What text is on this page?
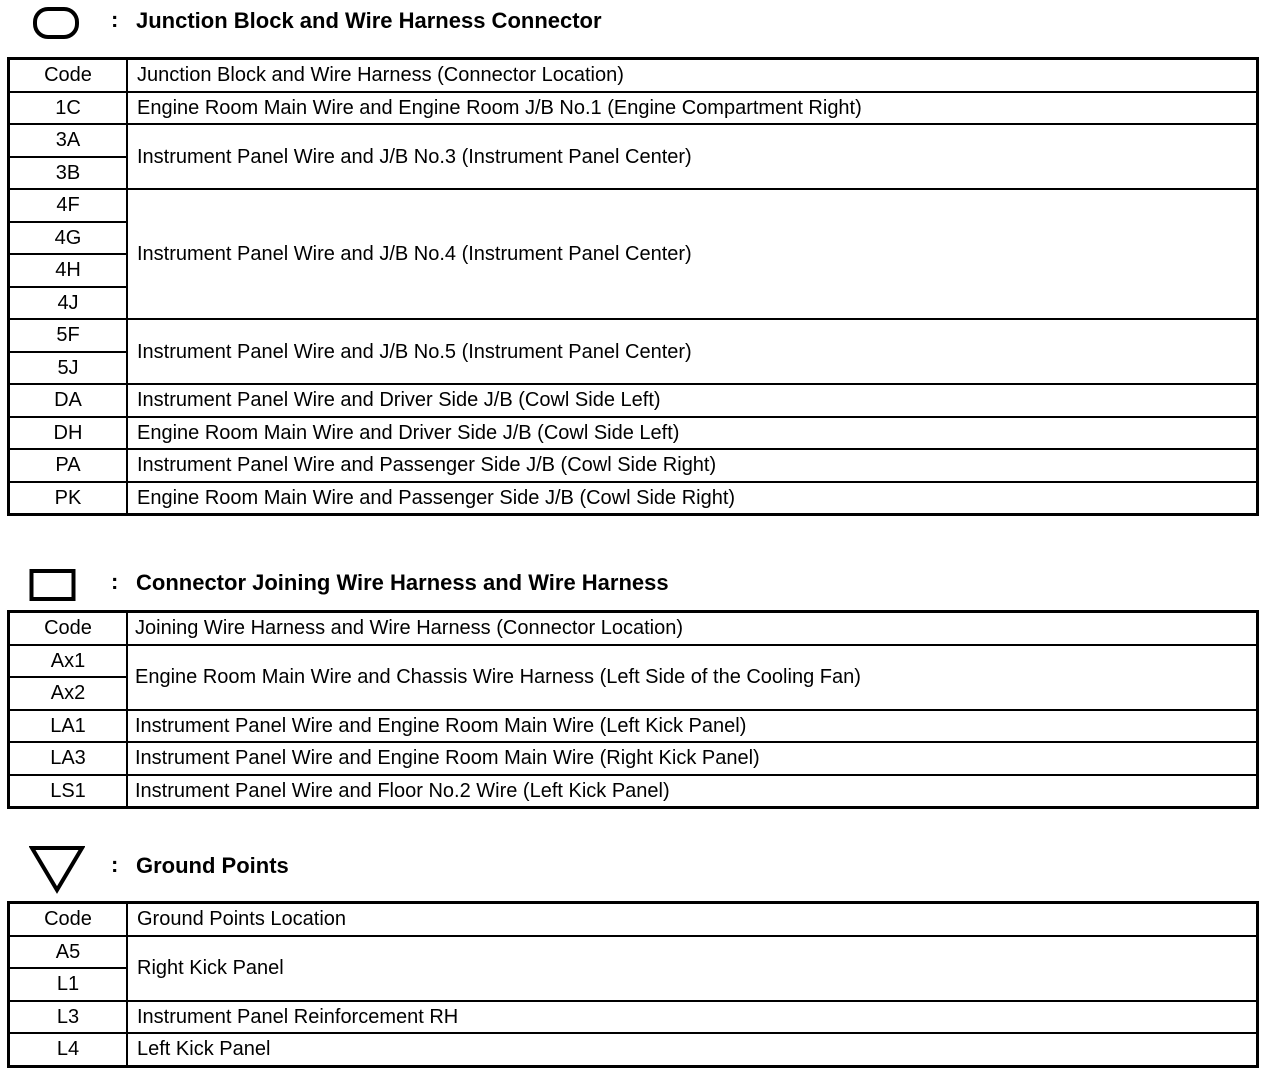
: Junction Block and Wire Harness Connector
Code	Junction Block and Wire Harness (Connector Location)
1C	Engine Room Main Wire and Engine Room J/B No.1 (Engine Compartment Right)
3A	Instrument Panel Wire and J/B No.3 (Instrument Panel Center)
3B	
4F	Instrument Panel Wire and J/B No.4 (Instrument Panel Center)
4G	
4H	
4J	
5F	Instrument Panel Wire and J/B No.5 (Instrument Panel Center)
5J	
DA	Instrument Panel Wire and Driver Side J/B (Cowl Side Left)
DH	Engine Room Main Wire and Driver Side J/B (Cowl Side Left)
PA	Instrument Panel Wire and Passenger Side J/B (Cowl Side Right)
PK	Engine Room Main Wire and Passenger Side J/B (Cowl Side Right)
: Connector Joining Wire Harness and Wire Harness
Code	Joining Wire Harness and Wire Harness (Connector Location)
Ax1	Engine Room Main Wire and Chassis Wire Harness (Left Side of the Cooling Fan)
Ax2	
LA1	Instrument Panel Wire and Engine Room Main Wire (Left Kick Panel)
LA3	Instrument Panel Wire and Engine Room Main Wire (Right Kick Panel)
LS1	Instrument Panel Wire and Floor No.2 Wire (Left Kick Panel)
: Ground Points
Code	Ground Points Location
A5	Right Kick Panel
L1	
L3	Instrument Panel Reinforcement RH
L4	Left Kick Panel
